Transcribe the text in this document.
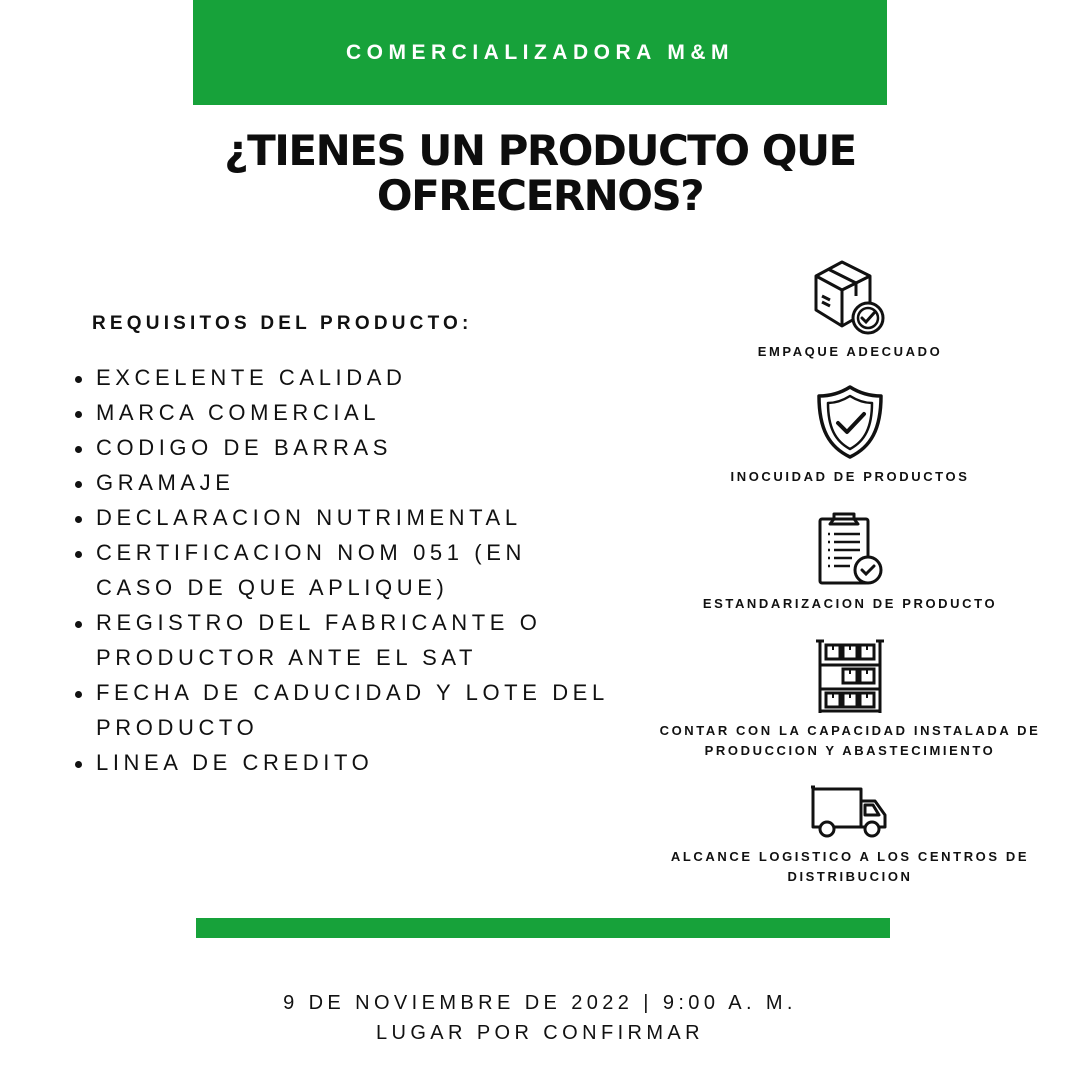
COMERCIALIZADORA M&M
¿TIENES UN PRODUCTO QUE
OFRECERNOS?
REQUISITOS DEL PRODUCTO:
EXCELENTE CALIDAD
MARCA COMERCIAL
CODIGO DE BARRAS
GRAMAJE
DECLARACION NUTRIMENTAL
CERTIFICACION NOM 051 (EN CASO DE QUE APLIQUE)
REGISTRO DEL FABRICANTE O PRODUCTOR ANTE EL SAT
FECHA DE CADUCIDAD Y LOTE DEL PRODUCTO
LINEA DE CREDITO
EMPAQUE ADECUADO
INOCUIDAD DE PRODUCTOS
ESTANDARIZACION DE PRODUCTO
CONTAR CON LA CAPACIDAD INSTALADA DE PRODUCCION Y ABASTECIMIENTO
ALCANCE LOGISTICO A LOS CENTROS DE DISTRIBUCION
9 DE NOVIEMBRE DE 2022 | 9:00 A. M.
LUGAR POR CONFIRMAR
